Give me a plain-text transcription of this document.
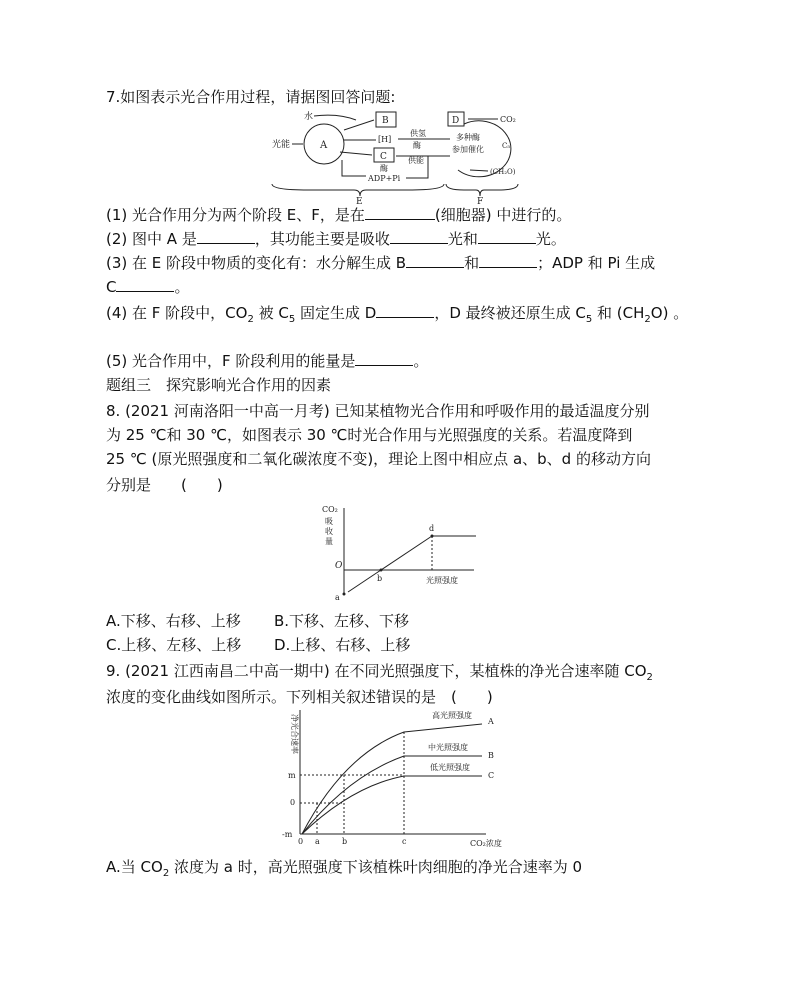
7.如图表示光合作用过程，请据图回答问题:
A
光能
水	B
[H]
供氢
酶
C	供能
酶
ADP+Pi
D	CO₂
多种酶
参加催化	C₅
(CH₂O)
E	F
(1) 光合作用分为两个阶段 E、F，是在	(细胞器) 中进行的。
(2) 图中 A 是	，其功能主要是吸收	光和	光。
(3) 在 E 阶段中物质的变化有：水分解生成 B	和	；ADP 和 Pi 生成
C	。
(4) 在 F 阶段中，$CO_2$ 被 $C_5$ 固定生成 D	，D 最终被还原生成 $C_5$ 和 $(CH_2O)$ 。
(5) 光合作用中，F 阶段利用的能量是	。
题组三　探究影响光合作用的因素
8. (2021 河南洛阳一中高一月考) 已知某植物光合作用和呼吸作用的最适温度分别
为 25 ℃和 30 ℃，如图表示 30 ℃时光合作用与光照强度的关系。若温度降到
25 ℃ (原光照强度和二氧化碳浓度不变)，理论上图中相应点 a、b、d 的移动方向
分别是　　(　　)
CO₂
吸
收
量
O
a
b
d
光照强度
A.下移、右移、上移 B.下移、左移、下移
C.上移、左移、上移 D.上移、右移、上移
9. (2021 江西南昌二中高一期中) 在不同光照强度下，某植株的净光合速率随 $CO_2$
浓度的变化曲线如图所示。下列相关叙述错误的是　(　　)
净光合速率
m
0
-m
高光照强度
中光照强度
低光照强度
A
B
C
0 a	b	c	CO₂浓度
A.当 $CO_2$ 浓度为 a 时，高光照强度下该植株叶肉细胞的净光合速率为 0
